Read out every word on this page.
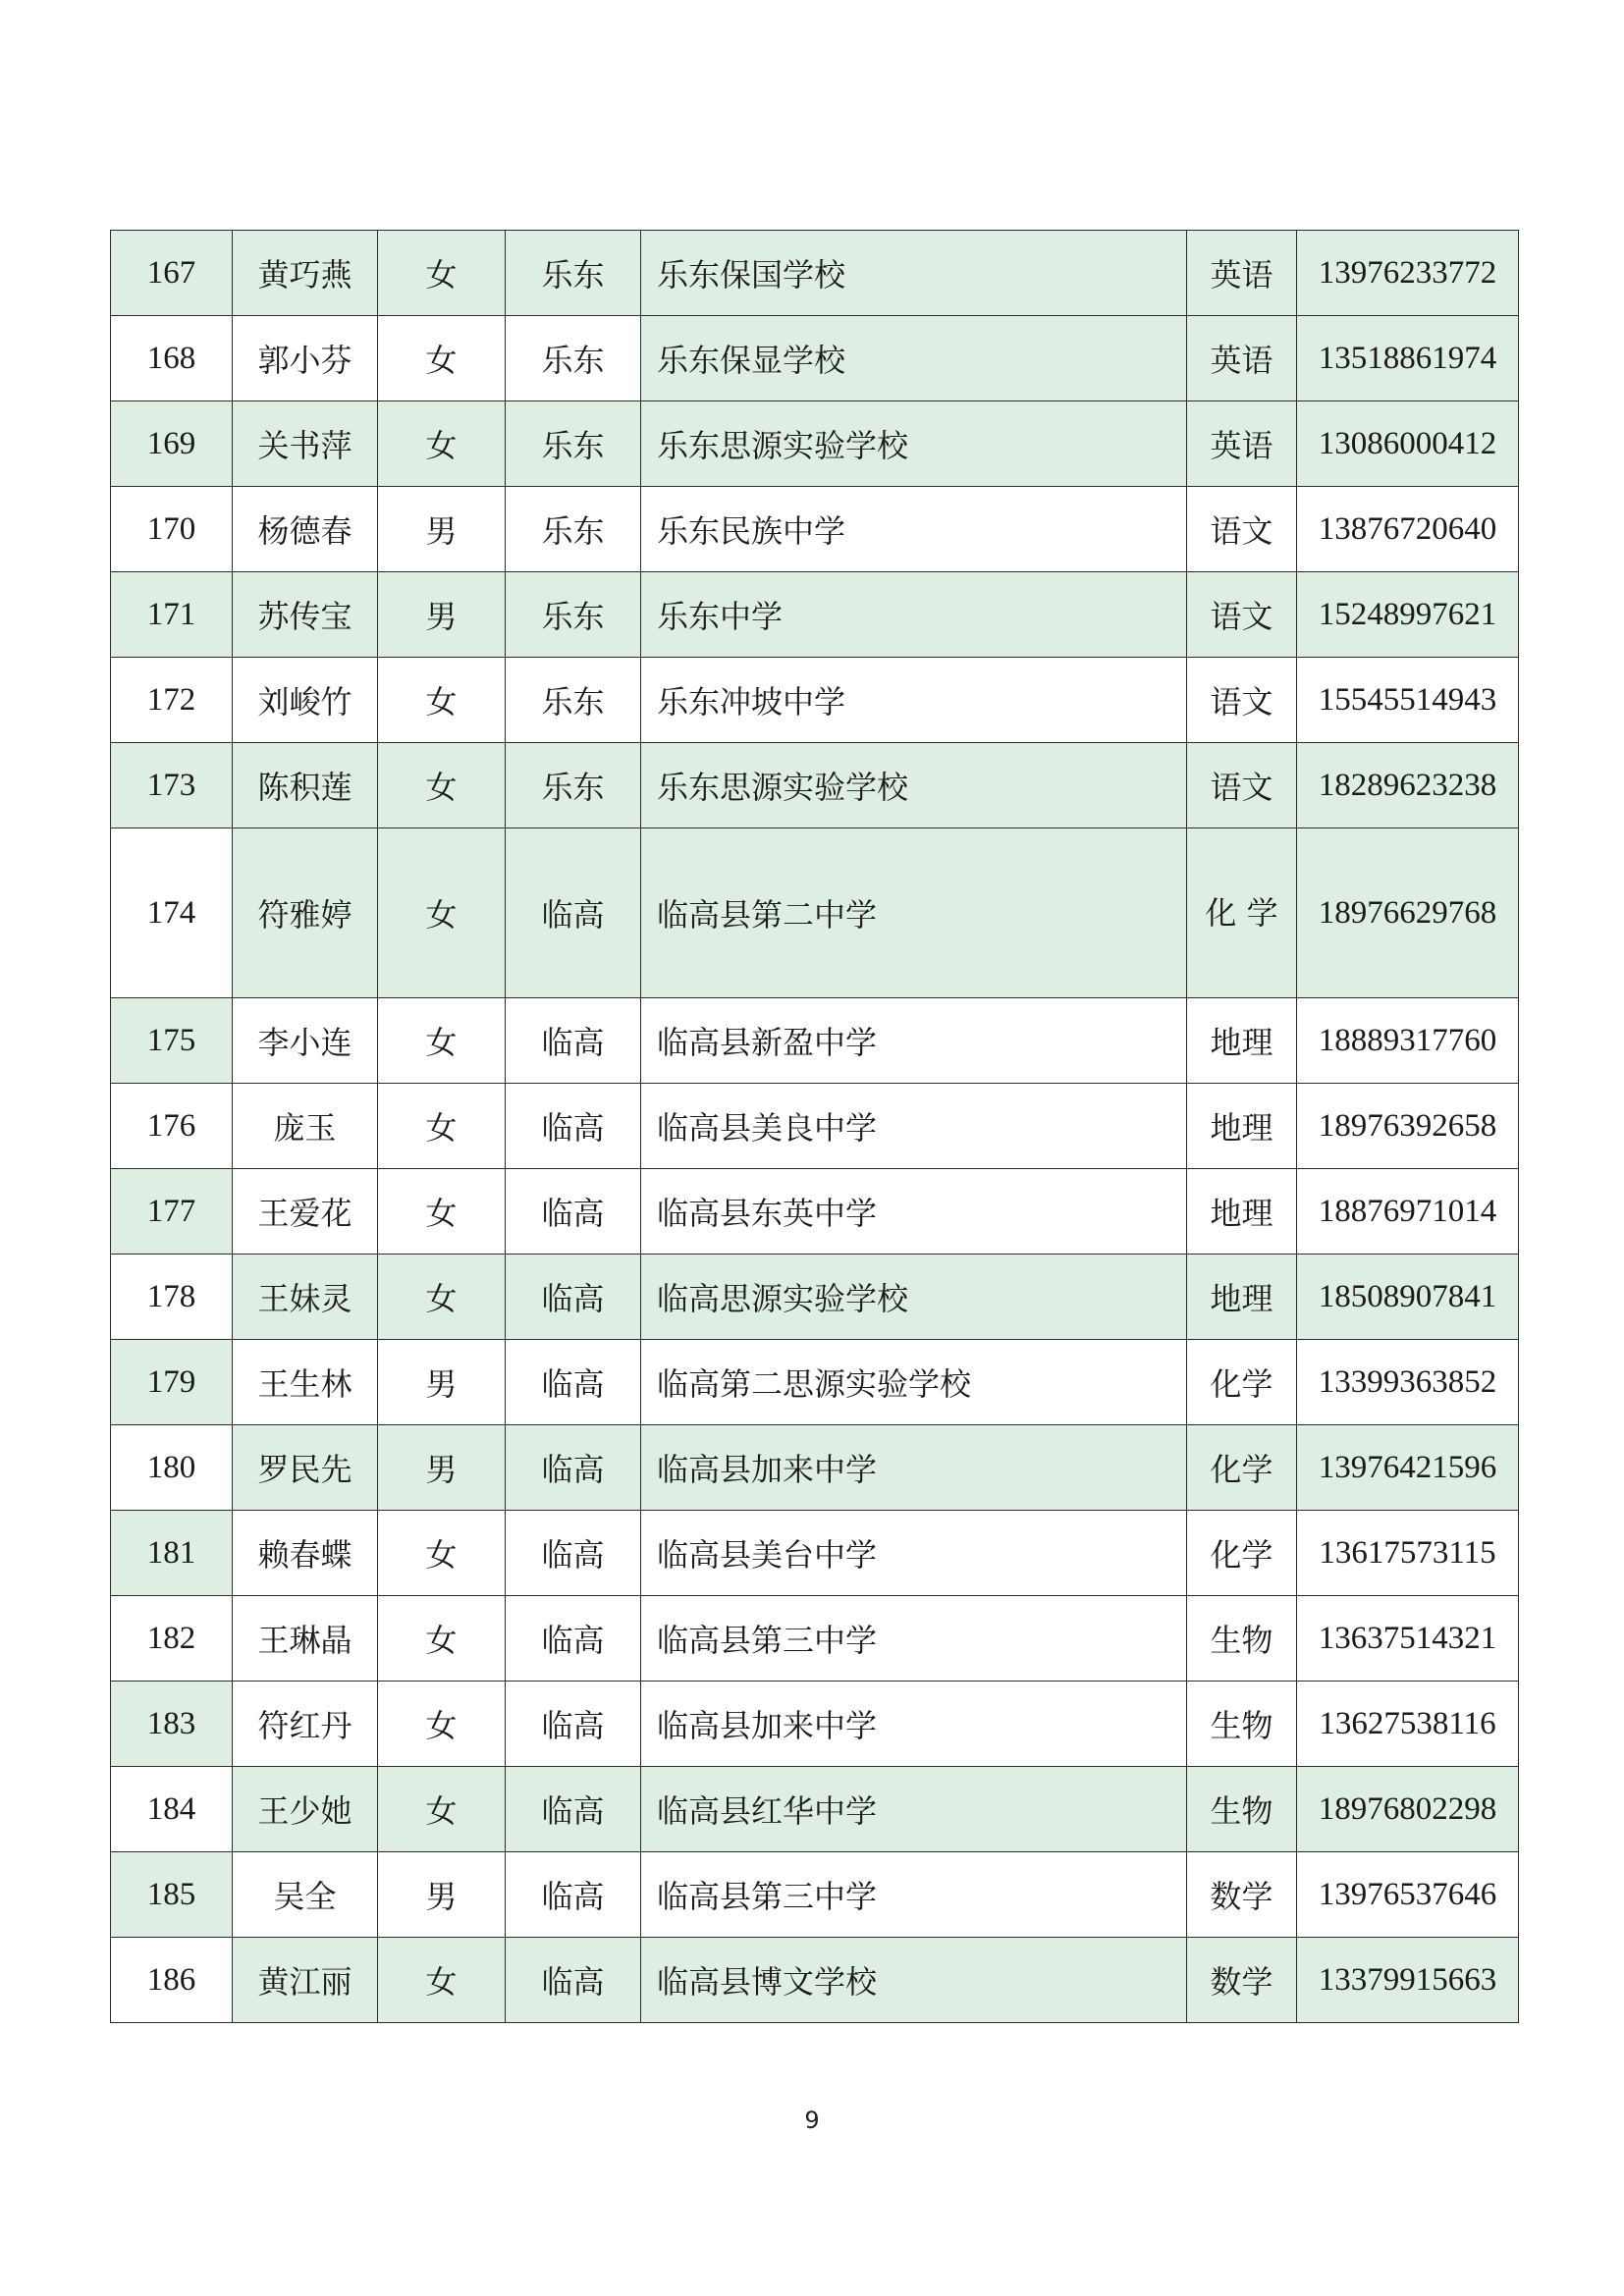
167	黄巧燕	女	乐东	乐东保国学校	英语	13976233772
168	郭小芬	女	乐东	乐东保显学校	英语	13518861974
169	关书萍	女	乐东	乐东思源实验学校	英语	13086000412
170	杨德春	男	乐东	乐东民族中学	语文	13876720640
171	苏传宝	男	乐东	乐东中学	语文	15248997621
172	刘峻竹	女	乐东	乐东冲坡中学	语文	15545514943
173	陈积莲	女	乐东	乐东思源实验学校	语文	18289623238
174	符雅婷	女	临高	临高县第二中学	化 学	18976629768
175	李小连	女	临高	临高县新盈中学	地理	18889317760
176	庞玉	女	临高	临高县美良中学	地理	18976392658
177	王爱花	女	临高	临高县东英中学	地理	18876971014
178	王妹灵	女	临高	临高思源实验学校	地理	18508907841
179	王生林	男	临高	临高第二思源实验学校	化学	13399363852
180	罗民先	男	临高	临高县加来中学	化学	13976421596
181	赖春蝶	女	临高	临高县美台中学	化学	13617573115
182	王琳晶	女	临高	临高县第三中学	生物	13637514321
183	符红丹	女	临高	临高县加来中学	生物	13627538116
184	王少她	女	临高	临高县红华中学	生物	18976802298
185	吴全	男	临高	临高县第三中学	数学	13976537646
186	黄江丽	女	临高	临高县博文学校	数学	13379915663
9
